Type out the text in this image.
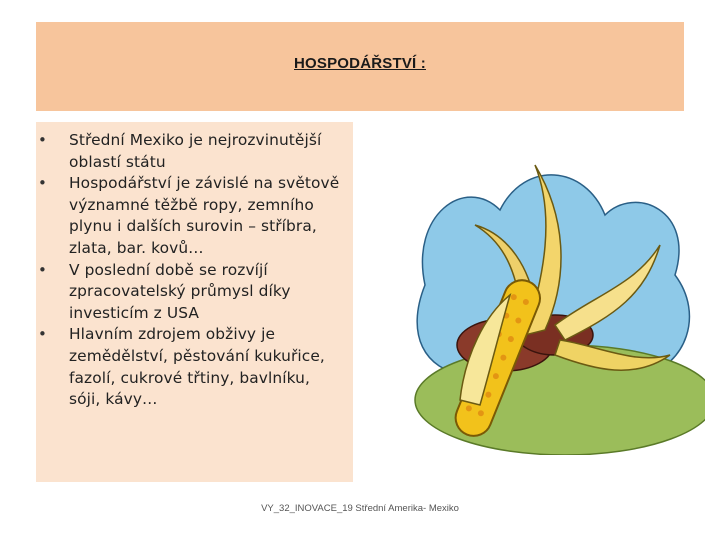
HOSPODÁŘSTVÍ :
• Střední Mexiko je nejrozvinutější oblastí státu
• Hospodářství je závislé na světově významné těžbě ropy, zemního plynu i dalších surovin – stříbra, zlata, bar. kovů…
• V poslední době se rozvíjí zpracovatelský průmysl díky investicím z USA
• Hlavním zdrojem obživy je zemědělství, pěstování kukuřice, fazolí, cukrové třtiny, bavlníku, sóji, kávy…
VY_32_INOVACE_19 Střední Amerika- Mexiko
